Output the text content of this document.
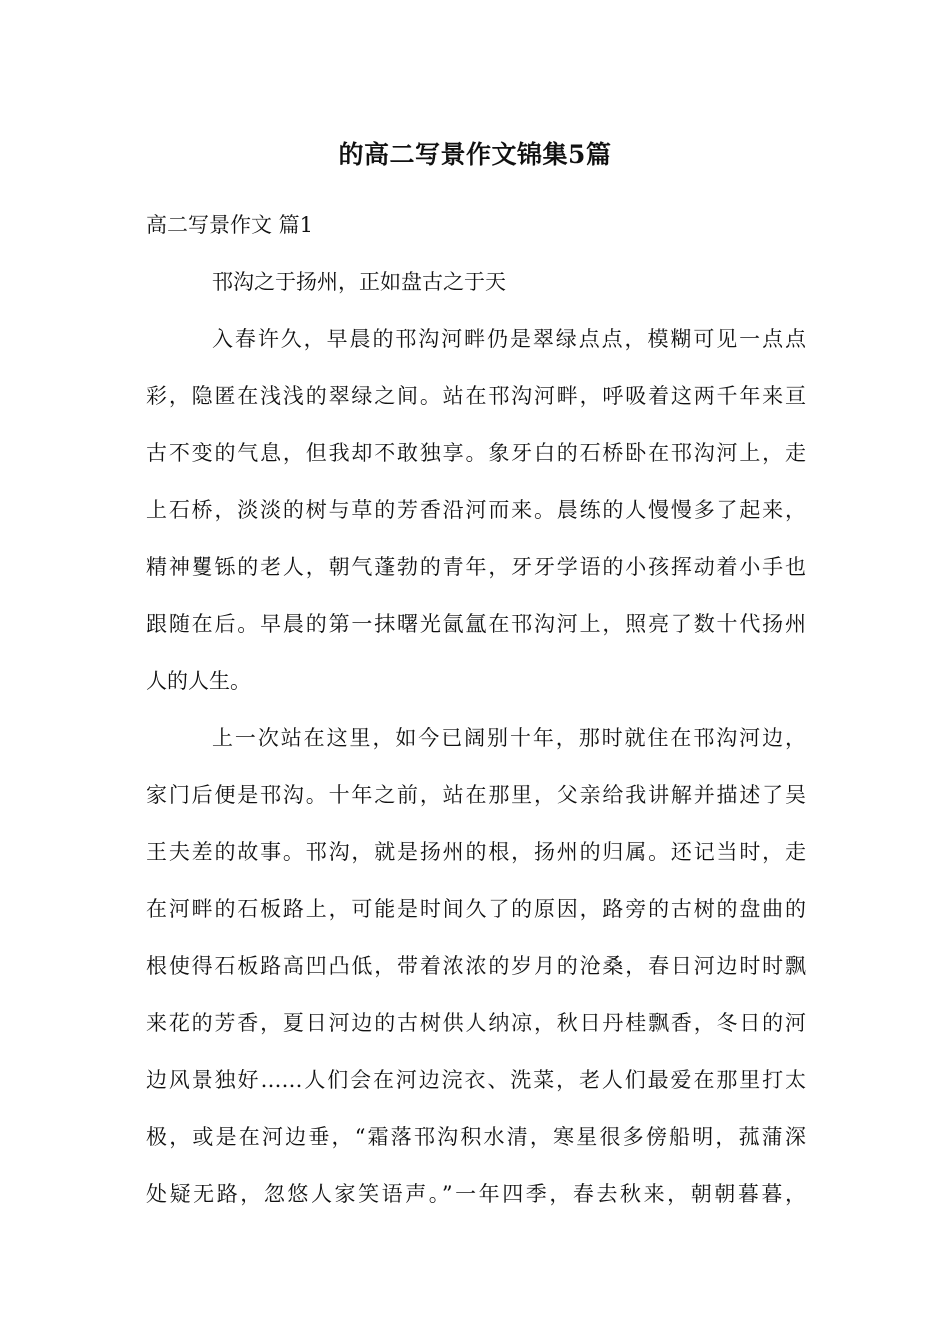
的高二写景作文锦集5篇
高二写景作文 篇1
邗沟之于扬州，正如盘古之于天
入春许久，早晨的邗沟河畔仍是翠绿点点，模糊可见一点点
彩，隐匿在浅浅的翠绿之间。站在邗沟河畔，呼吸着这两千年来亘
古不变的气息，但我却不敢独享。象牙白的石桥卧在邗沟河上，走
上石桥，淡淡的树与草的芳香沿河而来。晨练的人慢慢多了起来，
精神矍铄的老人，朝气蓬勃的青年，牙牙学语的小孩挥动着小手也
跟随在后。早晨的第一抹曙光氤氲在邗沟河上，照亮了数十代扬州
人的人生。
上一次站在这里，如今已阔别十年，那时就住在邗沟河边，
家门后便是邗沟。十年之前，站在那里，父亲给我讲解并描述了吴
王夫差的故事。邗沟，就是扬州的根，扬州的归属。还记当时，走
在河畔的石板路上，可能是时间久了的原因，路旁的古树的盘曲的
根使得石板路高凹凸低，带着浓浓的岁月的沧桑，春日河边时时飘
来花的芳香，夏日河边的古树供人纳凉，秋日丹桂飘香，冬日的河
边风景独好……人们会在河边浣衣、洗菜，老人们最爱在那里打太
极，或是在河边垂，“霜落邗沟积水清，寒星很多傍船明，菰蒲深
处疑无路，忽悠人家笑语声。”一年四季，春去秋来，朝朝暮暮，
